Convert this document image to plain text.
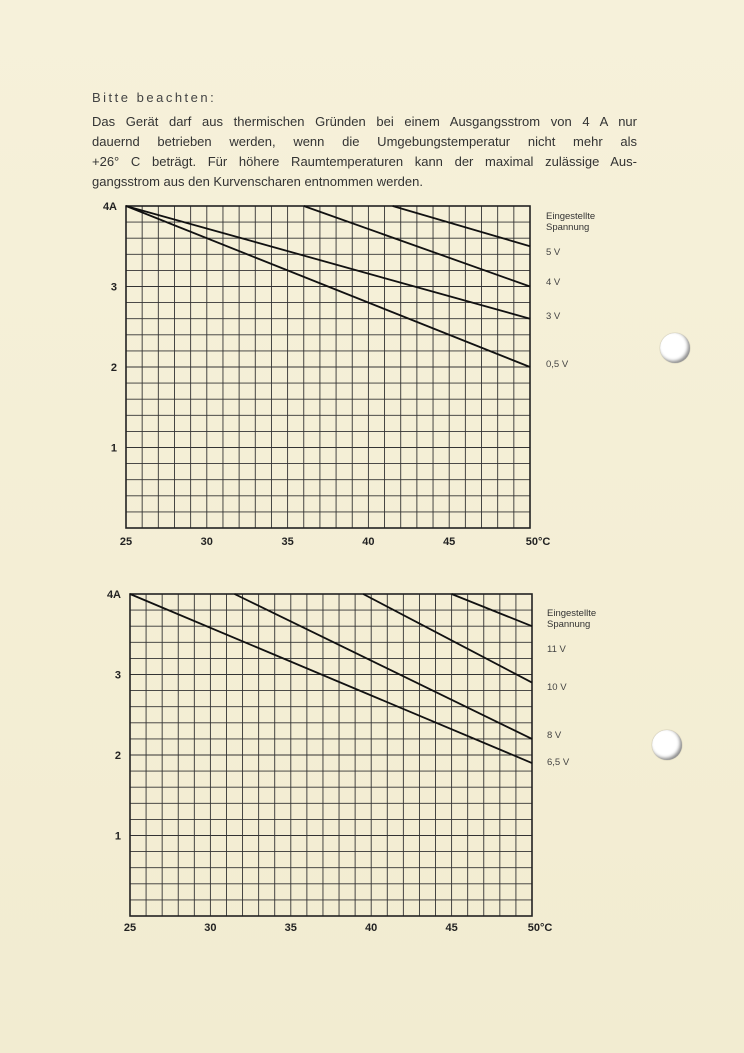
Bitte beachten:
Das Gerät darf aus thermischen Gründen bei einem Ausgangsstrom von 4 A nur
dauernd betrieben werden, wenn die Umgebungstemperatur nicht mehr als
+26° C beträgt. Für höhere Raumtemperaturen kann der maximal zulässige Aus-
gangsstrom aus den Kurvenscharen entnommen werden.
4A
3
2
1
25	30	35	40	45	50°C
Eingestellte
Spannung
5 V
4 V
3 V
0,5 V
4A
3
2
1
25	30	35	40	45	50°C
Eingestellte
Spannung
11 V
10 V
8 V
6,5 V
